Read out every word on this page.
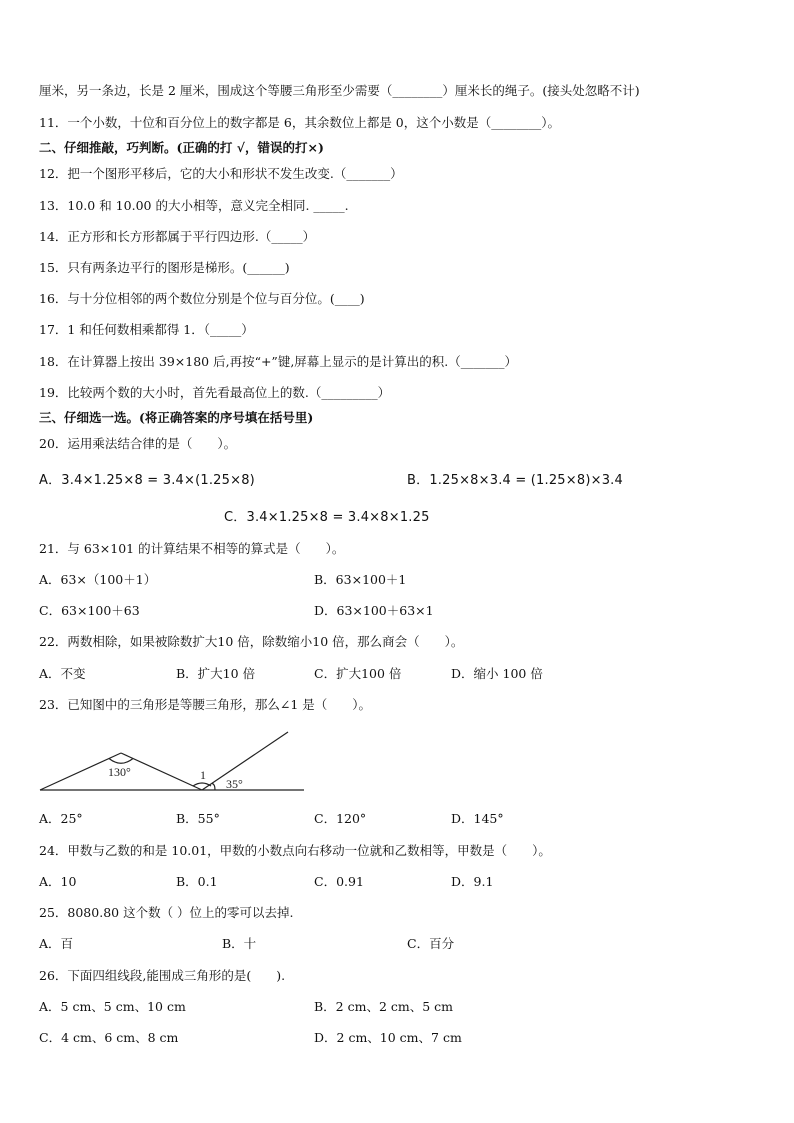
厘米，另一条边，长是 2 厘米，围成这个等腰三角形至少需要（________）厘米长的绳子。(接头处忽略不计)
11．一个小数，十位和百分位上的数字都是 6，其余数位上都是 0，这个小数是（________）。
二、仔细推敲，巧判断。(正确的打 √，错误的打×)
12．把一个图形平移后，它的大小和形状不发生改变.（_______）
13．10.0 和 10.00 的大小相等，意义完全相同. _____.
14．正方形和长方形都属于平行四边形.（_____）
15．只有两条边平行的图形是梯形。(______)
16．与十分位相邻的两个数位分别是个位与百分位。(____)
17．1 和任何数相乘都得 1．（_____）
18．在计算器上按出 39×180 后,再按“+”键,屏幕上显示的是计算出的积.（_______）
19．比较两个数的大小时，首先看最高位上的数.（_________）
三、仔细选一选。(将正确答案的序号填在括号里)
20．运用乘法结合律的是（　　）。
A．3.4×1.25×8 = 3.4×(1.25×8)	B．1.25×8×3.4 = (1.25×8)×3.4
C．3.4×1.25×8 = 3.4×8×1.25
21．与 63×101 的计算结果不相等的算式是（　　）。
A．63×（100＋1）	B．63×100＋1
C．63×100＋63	D．63×100＋63×1
22．两数相除，如果被除数扩大10 倍，除数缩小10 倍，那么商会（　　）。
A．不变	B．扩大10 倍	C．扩大100 倍	D．缩小 100 倍
23．已知图中的三角形是等腰三角形，那么∠1 是（　　）。
130°	1
35°
A．25°	B．55°	C．120°	D．145°
24．甲数与乙数的和是 10.01，甲数的小数点向右移动一位就和乙数相等，甲数是（　　）。
A．10	B．0.1	C．0.91	D．9.1
25．8080.80 这个数（ ）位上的零可以去掉.
A．百	B．十	C．百分
26．下面四组线段,能围成三角形的是(　　).
A．5 cm、5 cm、10 cm	B．2 cm、2 cm、5 cm
C．4 cm、6 cm、8 cm	D．2 cm、10 cm、7 cm
